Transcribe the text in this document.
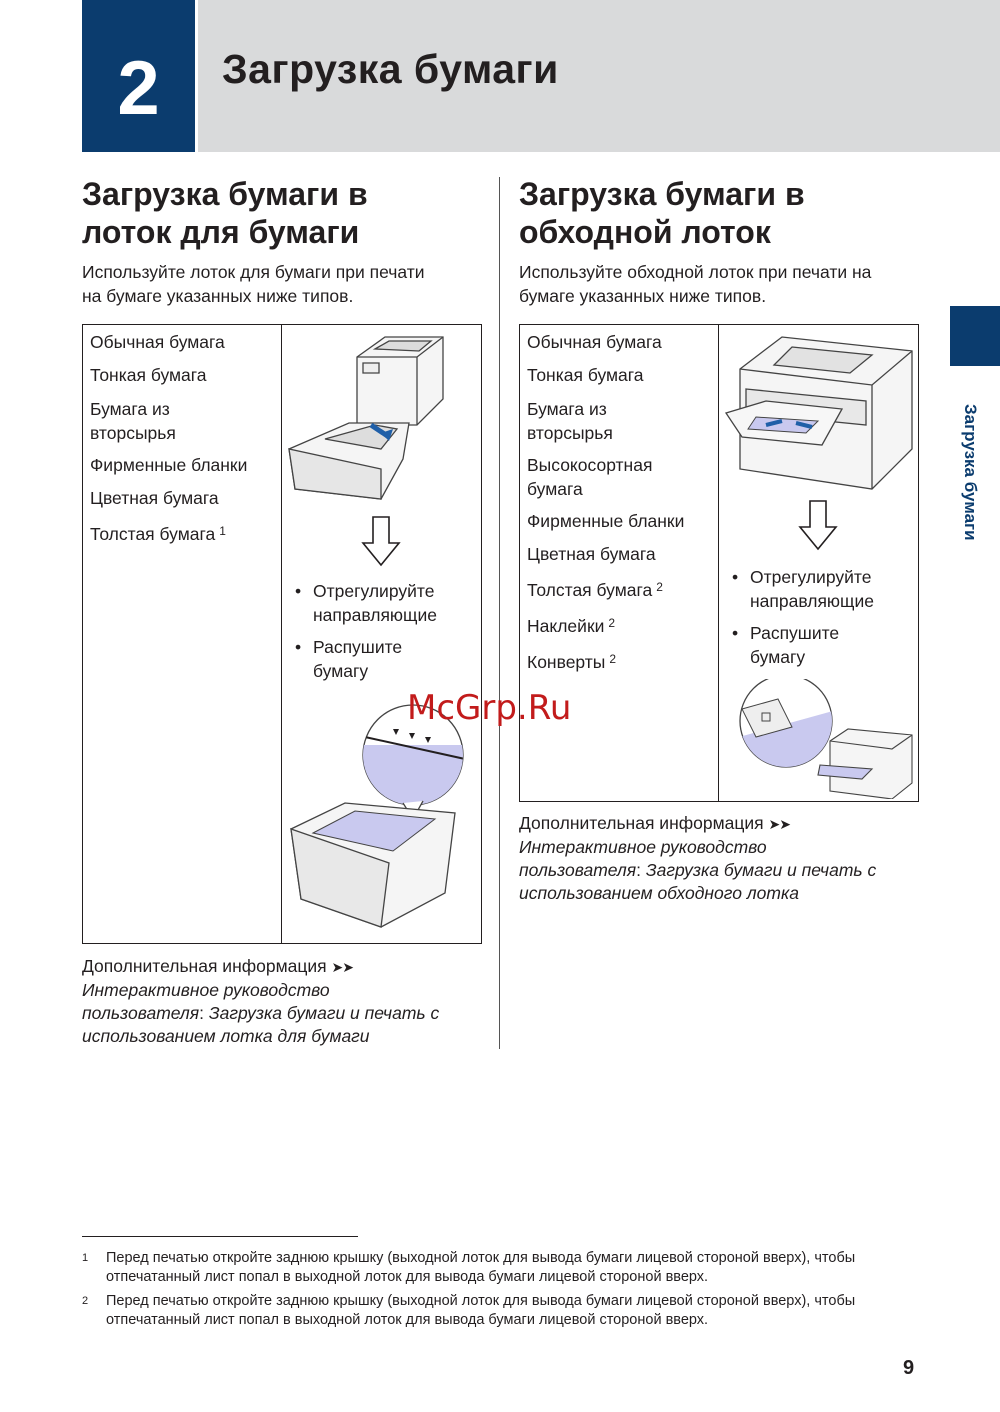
2 Загрузка бумаги
2
Загрузка бумаги
Загрузка бумаги в
лоток для бумаги
Используйте лоток для бумаги при печати
на бумаге указанных ниже типов.
Обычная бумага
Тонкая бумага
Бумага из
вторсырья
Фирменные бланки
Цветная бумага
Толстая бумага $^1$
• Отрегулируйте
направляющие
• Распушите
бумагу
Дополнительная информация ➤➤
Интерактивное руководство
пользователя: Загрузка бумаги и печать с
использованием лотка для бумаги
Загрузка бумаги в
обходной лоток
Используйте обходной лоток при печати на
бумаге указанных ниже типов.
Обычная бумага
Тонкая бумага
Бумага из
вторсырья
Высокосортная
бумага
Фирменные бланки
Цветная бумага
Толстая бумага $^2$
Наклейки $^2$
Конверты $^2$
• Отрегулируйте
направляющие
• Распушите
бумагу
Дополнительная информация ➤➤
Интерактивное руководство
пользователя: Загрузка бумаги и печать с
использованием обходного лотка
McGrp.Ru
1 Перед печатью откройте заднюю крышку (выходной лоток для вывода бумаги лицевой стороной вверх), чтобы
отпечатанный лист попал в выходной лоток для вывода бумаги лицевой стороной вверх.
2 Перед печатью откройте заднюю крышку (выходной лоток для вывода бумаги лицевой стороной вверх), чтобы
отпечатанный лист попал в выходной лоток для вывода бумаги лицевой стороной вверх.
9
